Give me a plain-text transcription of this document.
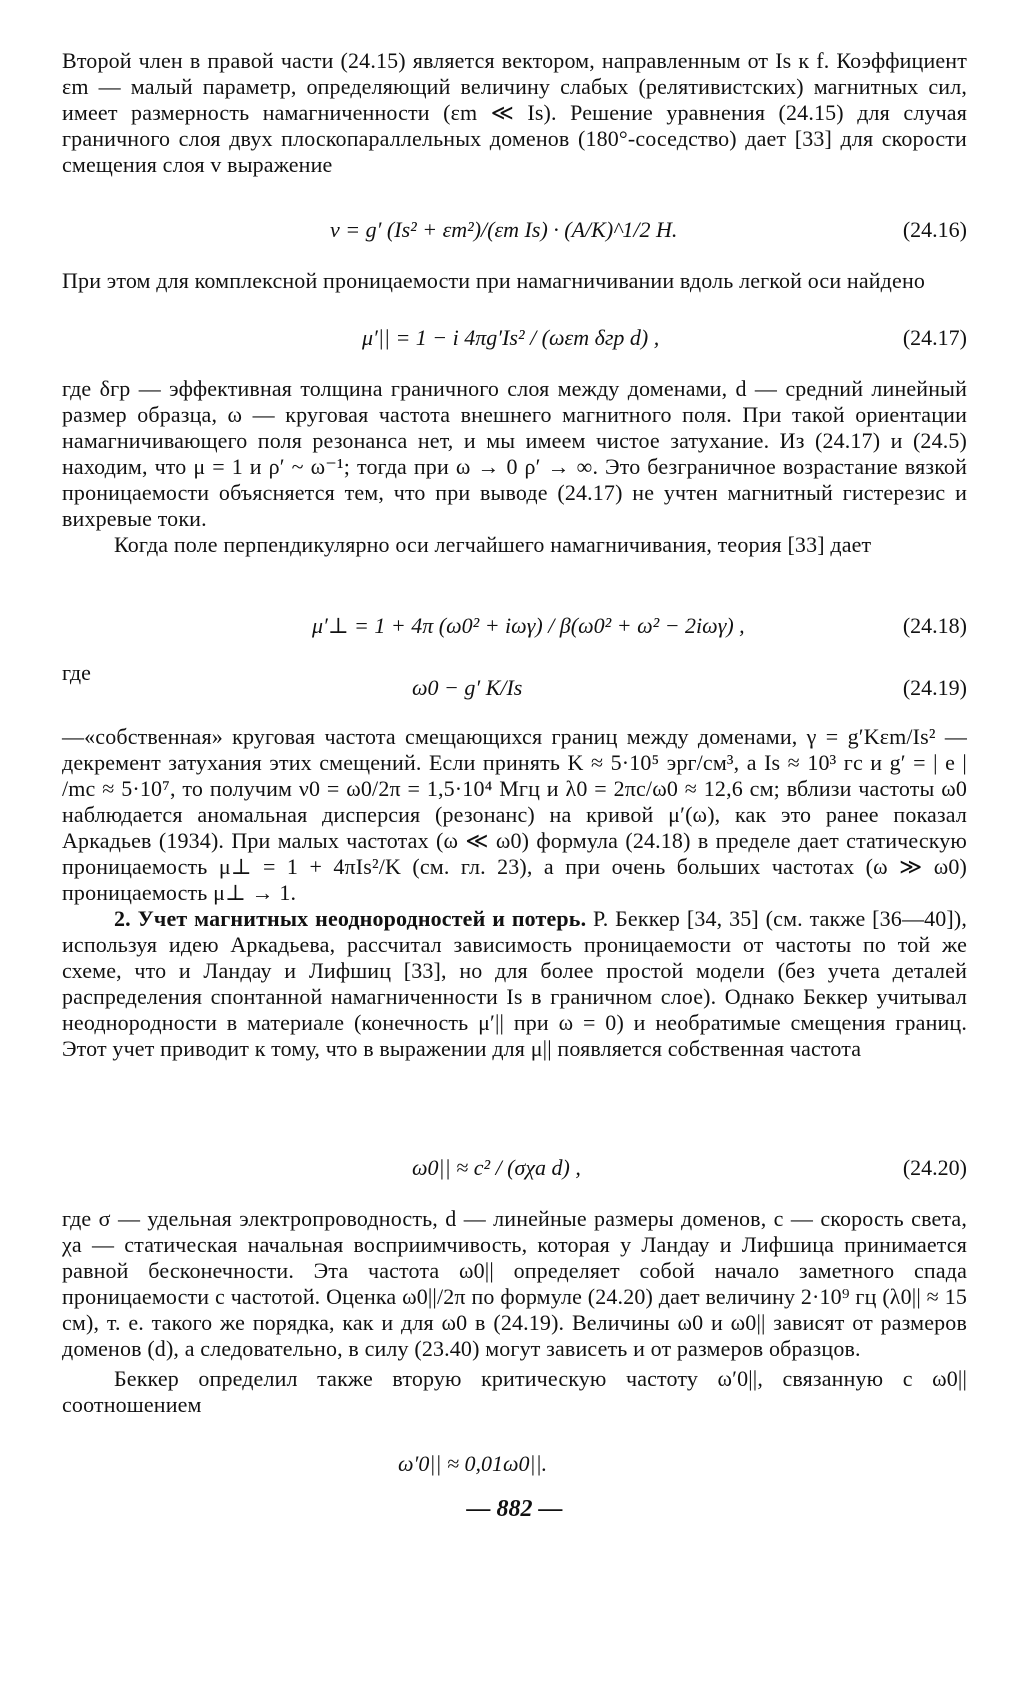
Второй член в правой части (24.15) является вектором, направленным от Is к f. Коэффициент εm — малый параметр, определяющий величину слабых (релятивистских) магнитных сил, имеет размерность намагниченности (εm ≪ Is). Решение уравнения (24.15) для случая граничного слоя двух плоскопараллельных доменов (180°-соседство) дает [33] для скорости смещения слоя v выражение

v = g′ (Is² + εm²)/(εm Is) · (A/K)^1/2 H.	(24.16)

При этом для комплексной проницаемости при намагничивании вдоль легкой оси найдено

μ′|| = 1 − i 4πg′Is² / (ωεm δгр d) ,	(24.17)

где δгр — эффективная толщина граничного слоя между доменами, d — средний линейный размер образца, ω — круговая частота внешнего магнитного поля. При такой ориентации намагничивающего поля резонанса нет, и мы имеем чистое затухание. Из (24.17) и (24.5) находим, что μ = 1 и ρ′ ~ ω⁻¹; тогда при ω → 0 ρ′ → ∞. Это безграничное возрастание вязкой проницаемости объясняется тем, что при выводе (24.17) не учтен магнитный гистерезис и вихревые токи.

Когда поле перпендикулярно оси легчайшего намагничивания, теория [33] дает

μ′⊥ = 1 + 4π (ω0² + iωγ) / β(ω0² + ω² − 2iωγ) ,	(24.18)
где
ω0 − g′ K/Is	(24.19)

—«собственная» круговая частота смещающихся границ между доменами, γ = g′Kεm/Is² — декремент затухания этих смещений. Если принять K ≈ 5·10⁵ эрг/см³, а Is ≈ 10³ гс и g′ = | e | /mc ≈ 5·10⁷, то получим ν0 = ω0/2π = 1,5·10⁴ Мгц и λ0 = 2πc/ω0 ≈ 12,6 см; вблизи частоты ω0 наблюдается аномальная дисперсия (резонанс) на кривой μ′(ω), как это ранее показал Аркадьев (1934). При малых частотах (ω ≪ ω0) формула (24.18) в пределе дает статическую проницаемость μ⊥ = 1 + 4πIs²/K (см. гл. 23), а при очень больших частотах (ω ≫ ω0) проницаемость μ⊥ → 1.

2. Учет магнитных неоднородностей и потерь. Р. Беккер [34, 35] (см. также [36—40]), используя идею Аркадьева, рассчитал зависимость проницаемости от частоты по той же схеме, что и Ландау и Лифшиц [33], но для более простой модели (без учета деталей распределения спонтанной намагниченности Is в граничном слое). Однако Беккер учитывал неоднородности в материале (конечность μ′|| при ω = 0) и необратимые смещения границ. Этот учет приводит к тому, что в выражении для μ|| появляется собственная частота

ω0|| ≈ c² / (σχa d) ,	(24.20)

где σ — удельная электропроводность, d — линейные размеры доменов, c — скорость света, χa — статическая начальная восприимчивость, которая у Ландау и Лифшица принимается равной бесконечности. Эта частота ω0|| определяет собой начало заметного спада проницаемости с частотой. Оценка ω0||/2π по формуле (24.20) дает величину 2·10⁹ гц (λ0|| ≈ 15 см), т. е. такого же порядка, как и для ω0 в (24.19). Величины ω0 и ω0|| зависят от размеров доменов (d), а следовательно, в силу (23.40) могут зависеть и от размеров образцов.

Беккер определил также вторую критическую частоту ω′0||, связанную с ω0|| соотношением

ω′0|| ≈ 0,01ω0||.
— 882 —
